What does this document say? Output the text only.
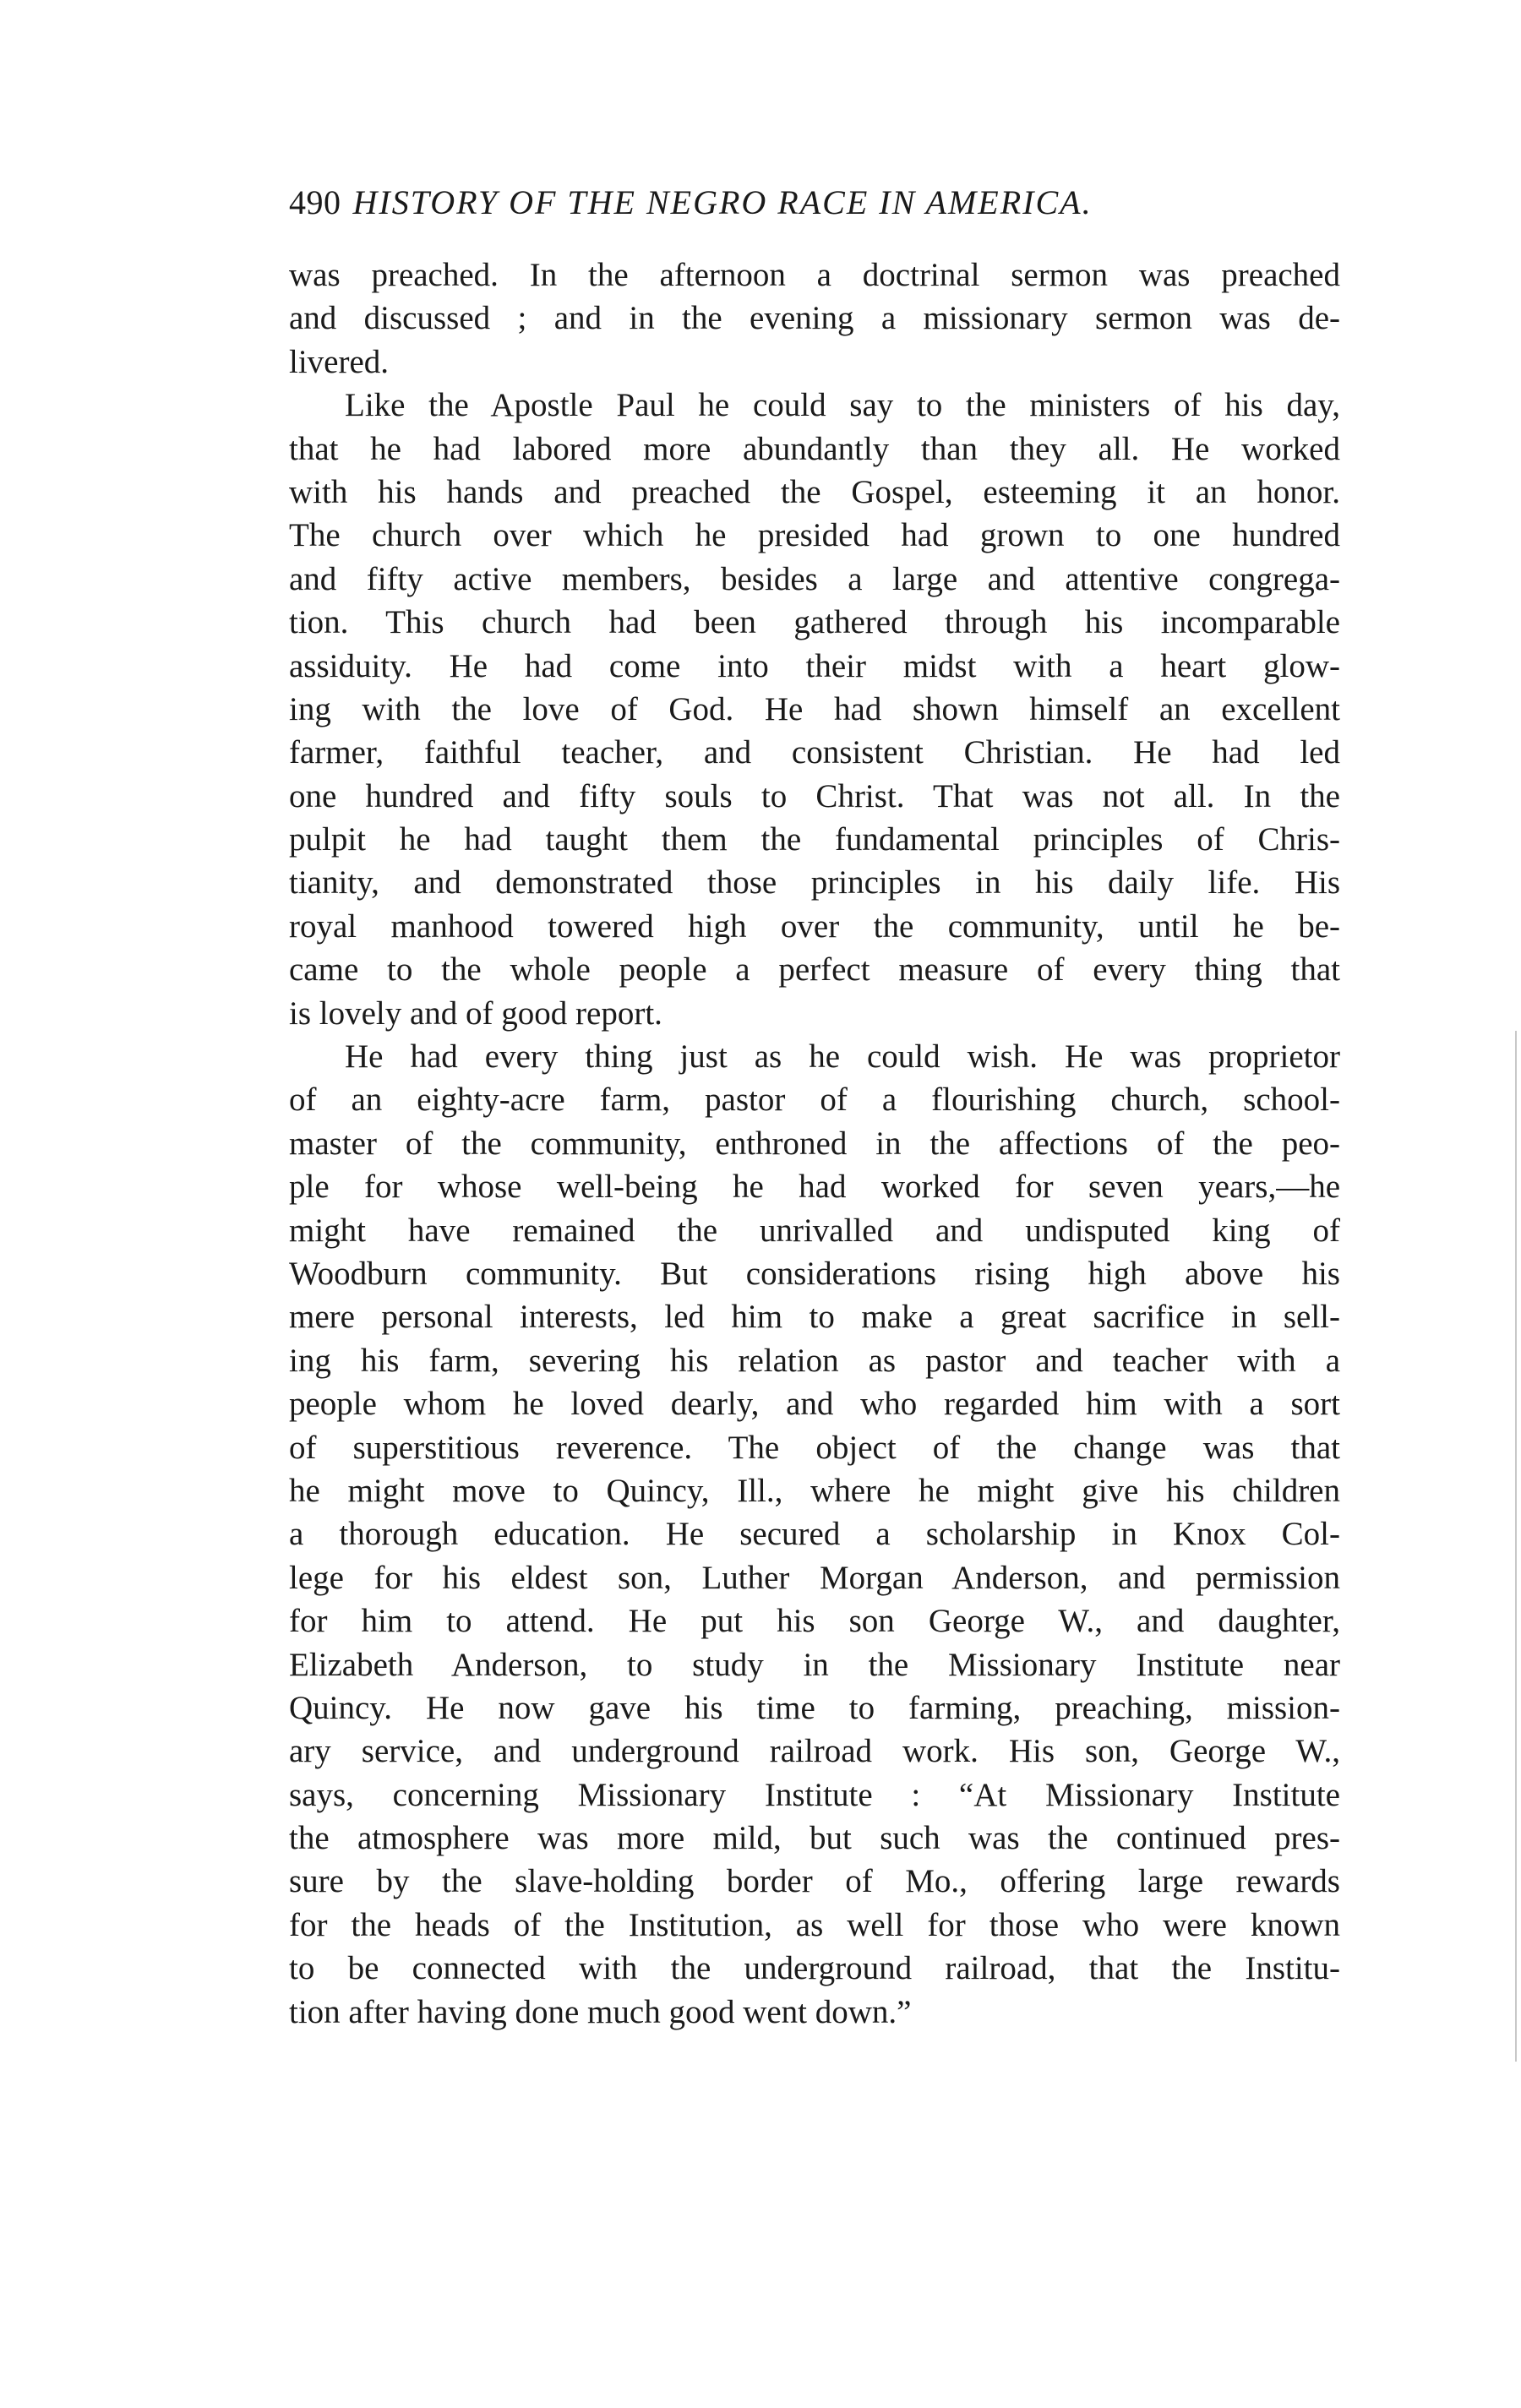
490 HISTORY OF THE NEGRO RACE IN AMERICA.
was preached. In the afternoon a doctrinal sermon was preached
and discussed ; and in the evening a missionary sermon was de-
livered.
Like the Apostle Paul he could say to the ministers of his day,
that he had labored more abundantly than they all. He worked
with his hands and preached the Gospel, esteeming it an honor.
The church over which he presided had grown to one hundred
and fifty active members, besides a large and attentive congrega-
tion. This church had been gathered through his incomparable
assiduity. He had come into their midst with a heart glow-
ing with the love of God. He had shown himself an excellent
farmer, faithful teacher, and consistent Christian. He had led
one hundred and fifty souls to Christ. That was not all. In the
pulpit he had taught them the fundamental principles of Chris-
tianity, and demonstrated those principles in his daily life. His
royal manhood towered high over the community, until he be-
came to the whole people a perfect measure of every thing that
is lovely and of good report.
He had every thing just as he could wish. He was proprietor
of an eighty-acre farm, pastor of a flourishing church, school-
master of the community, enthroned in the affections of the peo-
ple for whose well-being he had worked for seven years,—he
might have remained the unrivalled and undisputed king of
Woodburn community. But considerations rising high above his
mere personal interests, led him to make a great sacrifice in sell-
ing his farm, severing his relation as pastor and teacher with a
people whom he loved dearly, and who regarded him with a sort
of superstitious reverence. The object of the change was that
he might move to Quincy, Ill., where he might give his children
a thorough education. He secured a scholarship in Knox Col-
lege for his eldest son, Luther Morgan Anderson, and permission
for him to attend. He put his son George W., and daughter,
Elizabeth Anderson, to study in the Missionary Institute near
Quincy. He now gave his time to farming, preaching, mission-
ary service, and underground railroad work. His son, George W.,
says, concerning Missionary Institute : “At Missionary Institute
the atmosphere was more mild, but such was the continued pres-
sure by the slave-holding border of Mo., offering large rewards
for the heads of the Institution, as well for those who were known
to be connected with the underground railroad, that the Institu-
tion after having done much good went down.”
